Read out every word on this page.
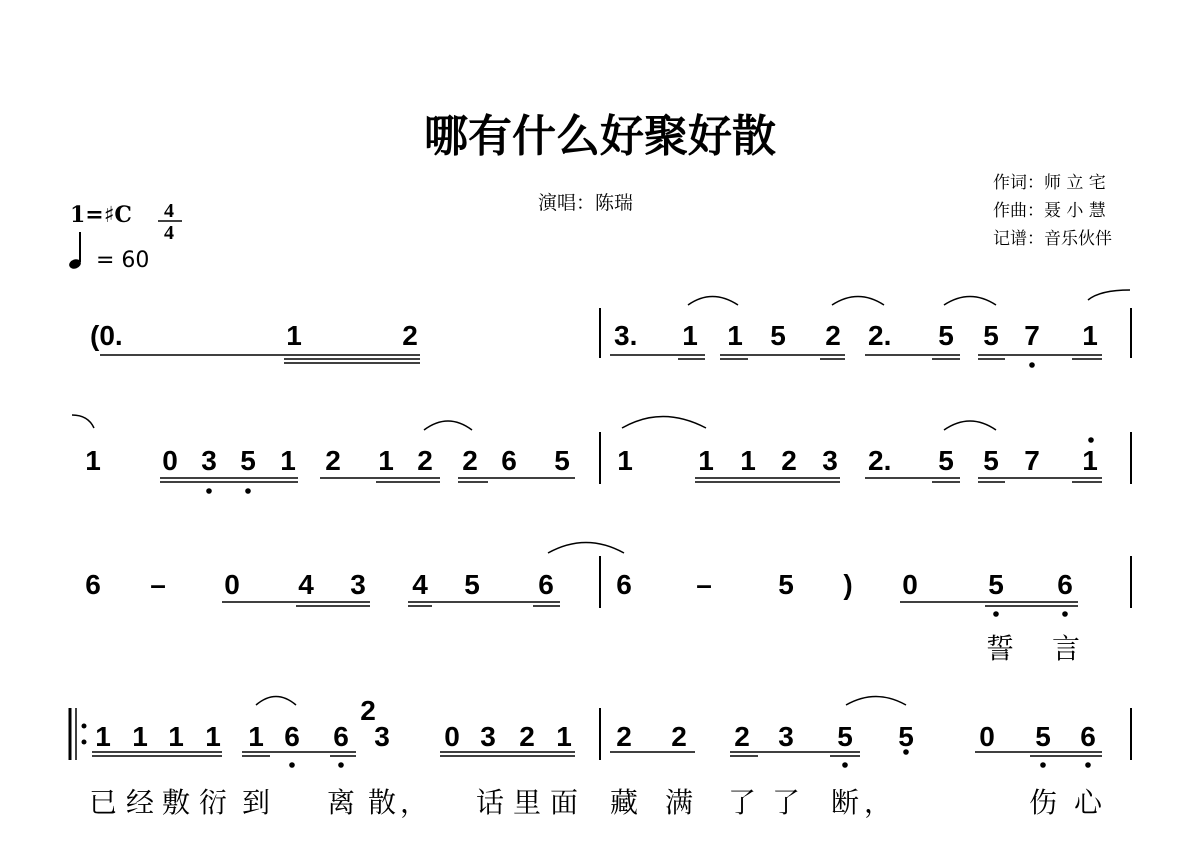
哪有什么好聚好散
演唱：陈瑞
作词：师 立 宅
作曲：聂 小 慧
记谱：音乐伙伴
1=♯C 4
4
= 60
(0.	1	2	3. 1 1 5 2 2. 5 5 7 1
1 0 3 5 1 2 1 2 2 6 5 1 1 1 2 3 2. 5 5 7 1
6 – 0 4 3 4 5 6 6 – 5 ) 0	5 6
誓 言
1 1 1 1 1 6 6
2
3 0 3 2 1 2 2 2 3 5 5 0 5 6
已 经 敷 衍 到 离 散 ， 话 里 面 藏 满 了 了 断 ，	伤 心
